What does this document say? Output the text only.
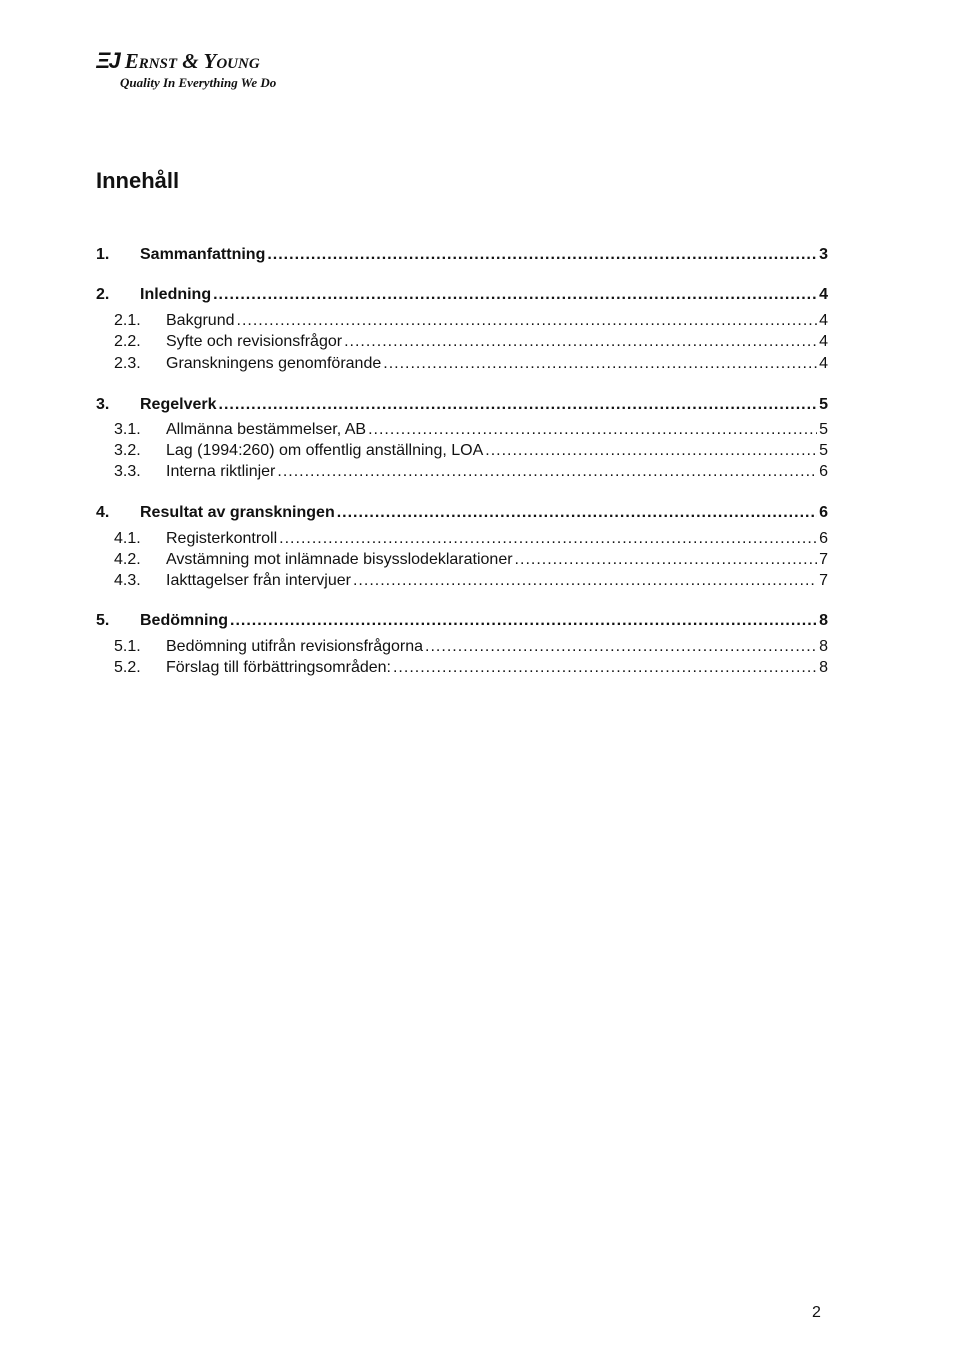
ΞJ Ernst & Young
Quality In Everything We Do
Innehåll
1.	Sammanfattning .....	3
2.	Inledning .....	4
2.1.	Bakgrund .....	4
2.2.	Syfte och revisionsfrågor .....	4
2.3.	Granskningens genomförande .....	4
3.	Regelverk .....	5
3.1.	Allmänna bestämmelser, AB .....	5
3.2.	Lag (1994:260) om offentlig anställning, LOA .....	5
3.3.	Interna riktlinjer .....	6
4.	Resultat av granskningen .....	6
4.1.	Registerkontroll .....	6
4.2.	Avstämning mot inlämnade bisysslodeklarationer .....	7
4.3.	Iakttagelser från intervjuer .....	7
5.	Bedömning .....	8
5.1.	Bedömning utifrån revisionsfrågorna .....	8
5.2.	Förslag till förbättringsområden: .....	8
2
